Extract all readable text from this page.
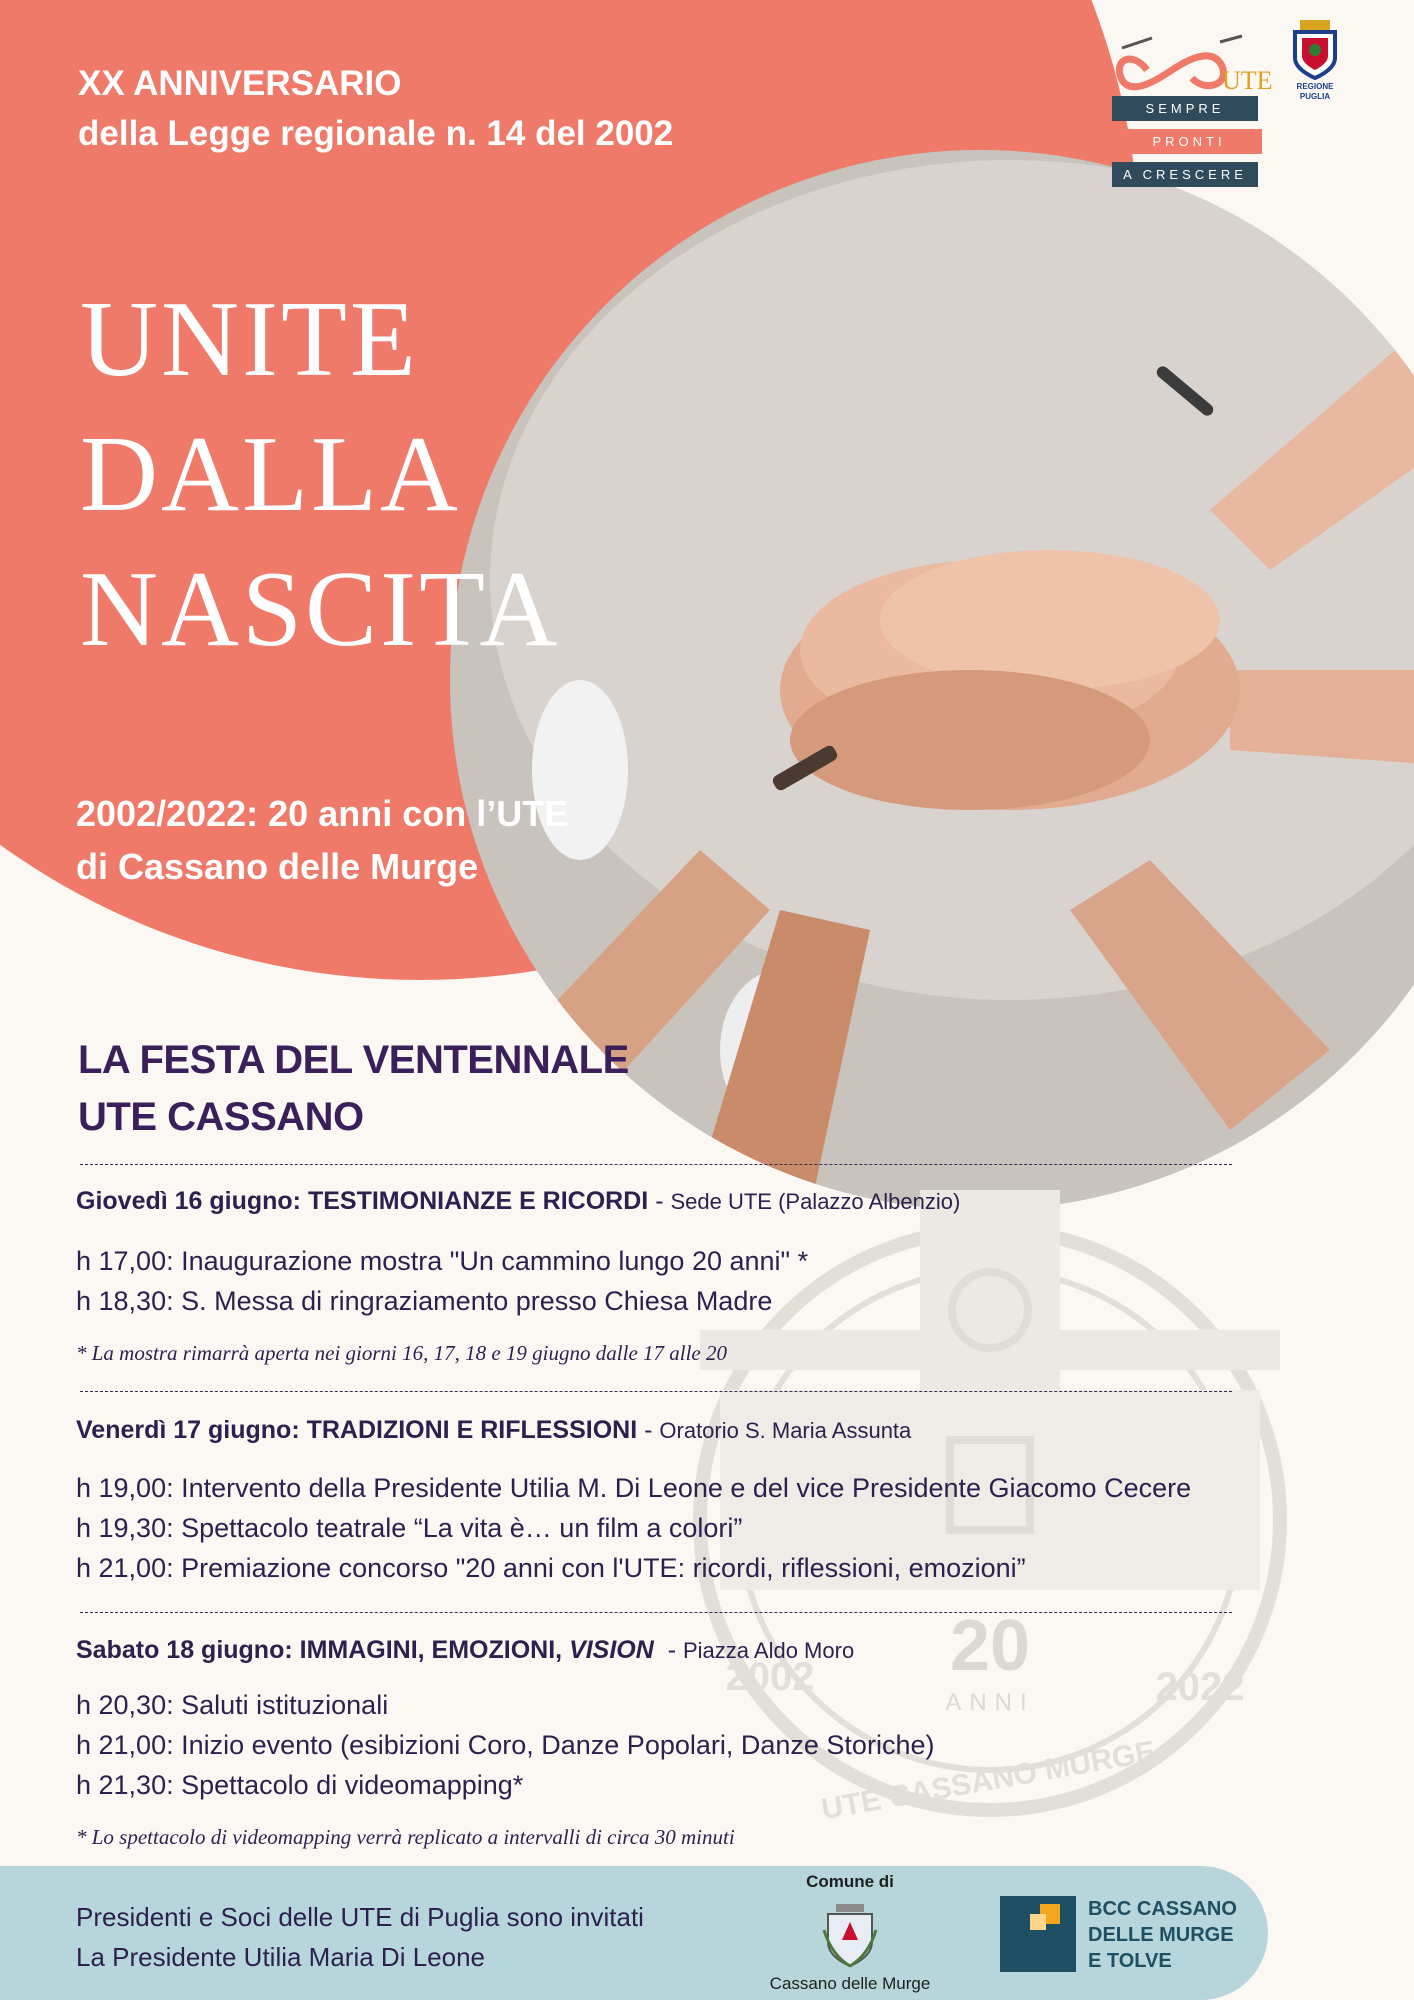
20
ANNI
2002	2022
UTE CASSANO MURGE
XX ANNIVERSARIO
della Legge regionale n. 14 del 2002
UNITE
DALLA
NASCITA
2002/2022: 20 anni con l’UTE
di Cassano delle Murge
UTE
SEMPRE
PRONTI
A CRESCERE
REGIONE
PUGLIA
LA FESTA DEL VENTENNALE
UTE CASSANO
Giovedì 16 giugno: TESTIMONIANZE E RICORDI - Sede UTE (Palazzo Albenzio)
h 17,00: Inaugurazione mostra "Un cammino lungo 20 anni" *
h 18,30: S. Messa di ringraziamento presso Chiesa Madre
* La mostra rimarrà aperta nei giorni 16, 17, 18 e 19 giugno dalle 17 alle 20
Venerdì 17 giugno: TRADIZIONI E RIFLESSIONI - Oratorio S. Maria Assunta
h 19,00: Intervento della Presidente Utilia M. Di Leone e del vice Presidente Giacomo Cecere
h 19,30: Spettacolo teatrale “La vita è… un film a colori”
h 21,00: Premiazione concorso "20 anni con l'UTE: ricordi, riflessioni, emozioni”
Sabato 18 giugno: IMMAGINI, EMOZIONI, VISION  - Piazza Aldo Moro
h 20,30: Saluti istituzionali
h 21,00: Inizio evento (esibizioni Coro, Danze Popolari, Danze Storiche)
h 21,30: Spettacolo di videomapping*
* Lo spettacolo di videomapping verrà replicato a intervalli di circa 30 minuti
Presidenti e Soci delle UTE di Puglia sono invitati
La Presidente Utilia Maria Di Leone
Comune di
Cassano delle Murge
BCC CASSANO
DELLE MURGE
E TOLVE
